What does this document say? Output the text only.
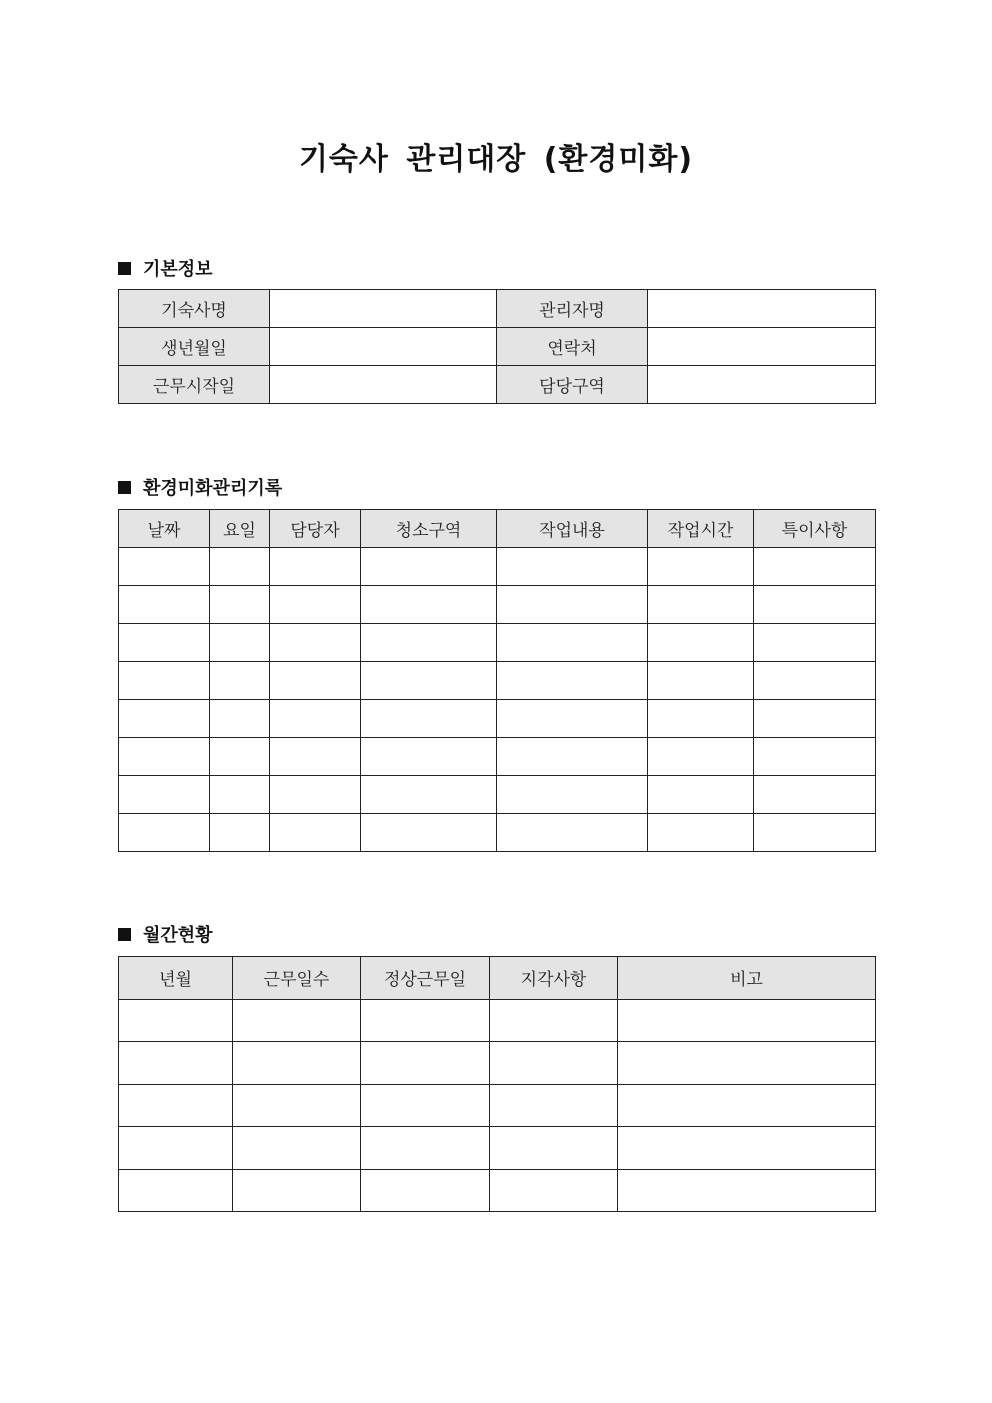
기숙사 관리대장 (환경미화)
기본정보
기숙사명		관리자명	
생년월일		연락처	
근무시작일		담당구역	
환경미화관리기록
날짜	요일	담당자	청소구역	작업내용	작업시간	특이사항

월간현황
년월	근무일수	정상근무일	지각사항	비고
